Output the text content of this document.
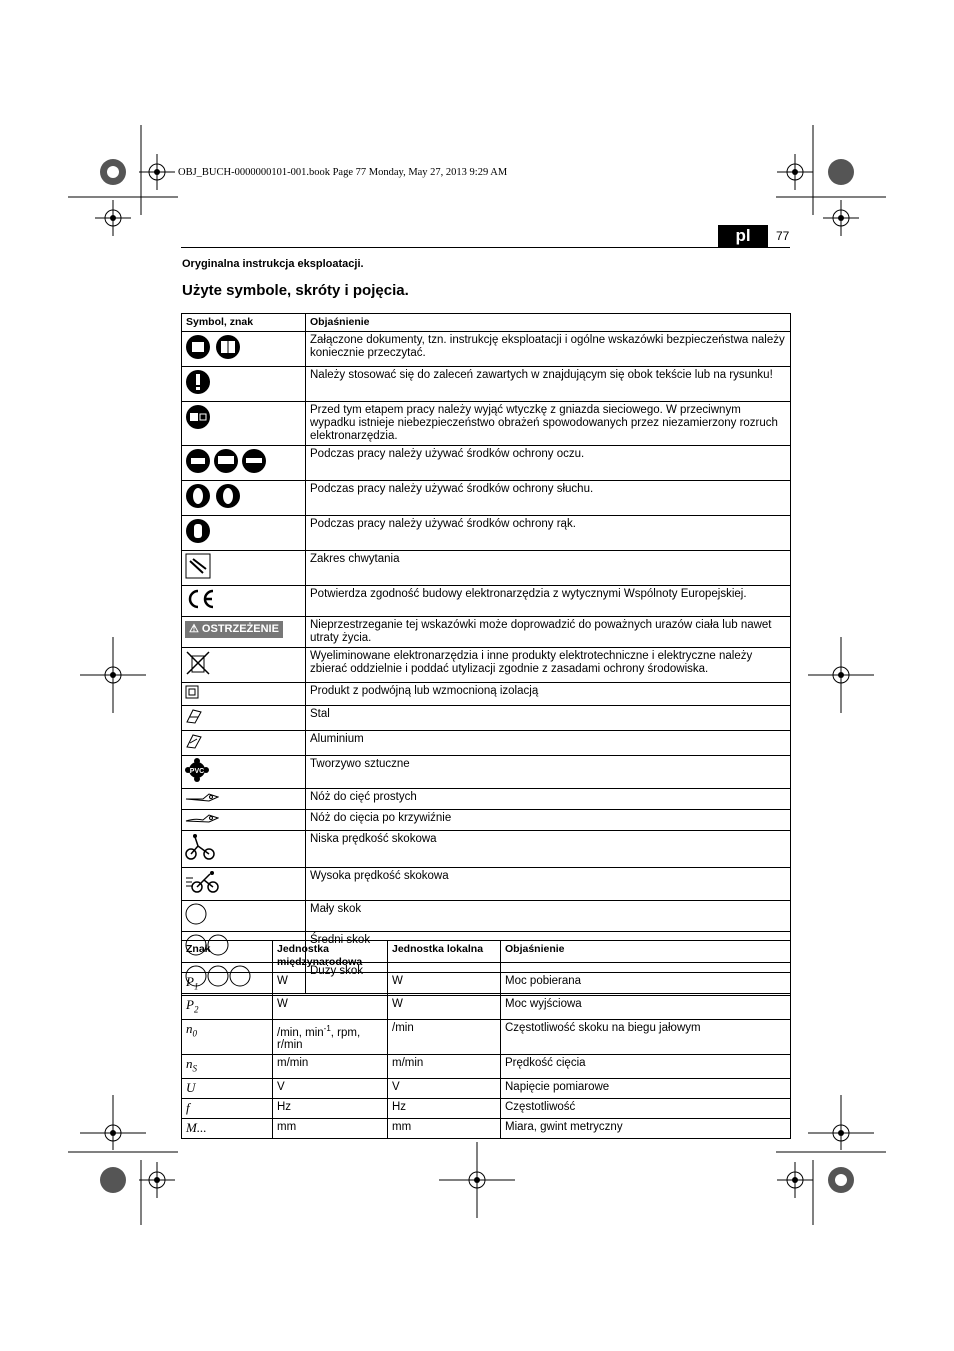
OBJ_BUCH-0000000101-001.book Page 77 Monday, May 27, 2013 9:29 AM
pl	77
Oryginalna instrukcja eksploatacji.
Użyte symbole, skróty i pojęcia.
Symbol, znak	Objaśnienie
	Załączone dokumenty, tzn. instrukcję eksploatacji i ogólne wskazówki bezpieczeństwa należy koniecznie przeczytać.
	Należy stosować się do zaleceń zawartych w znajdującym się obok tekście lub na rysunku!
	Przed tym etapem pracy należy wyjąć wtyczkę z gniazda sieciowego. W przeciwnym wypadku istnieje niebezpieczeństwo obrażeń spowodowanych przez niezamierzony rozruch elektronarzędzia.
	Podczas pracy należy używać środków ochrony oczu.
	Podczas pracy należy używać środków ochrony słuchu.
	Podczas pracy należy używać środków ochrony rąk.
	Zakres chwytania
	Potwierdza zgodność budowy elektronarzędzia z wytycznymi Wspólnoty Europejskiej.
⚠ OSTRZEŻENIE	Nieprzestrzeganie tej wskazówki może doprowadzić do poważnych urazów ciała lub nawet utraty życia.
	Wyeliminowane elektronarzędzia i inne produkty elektrotechniczne i elektryczne należy zbierać oddzielnie i poddać utylizacji zgodnie z zasadami ochrony środowiska.
	Produkt z podwójną lub wzmocnioną izolacją
	Stal
	Aluminium

PVC	Tworzywo sztuczne
	Nóż do cięć prostych
	Nóż do cięcia po krzywiźnie
	Niska prędkość skokowa
	Wysoka prędkość skokowa
	Mały skok
	Średni skok
	Duży skok
Znak	Jednostka międzynarodowa	Jednostka lokalna	Objaśnienie
$P_1$	W	W	Moc pobierana
$P_2$	W	W	Moc wyjściowa
$n_0$	/min, $\min^{-1}$, rpm, r/min	/min	Częstotliwość skoku na biegu jałowym
$n_S$	m/min	m/min	Prędkość cięcia
U	V	V	Napięcie pomiarowe
f	Hz	Hz	Częstotliwość
M...	mm	mm	Miara, gwint metryczny
